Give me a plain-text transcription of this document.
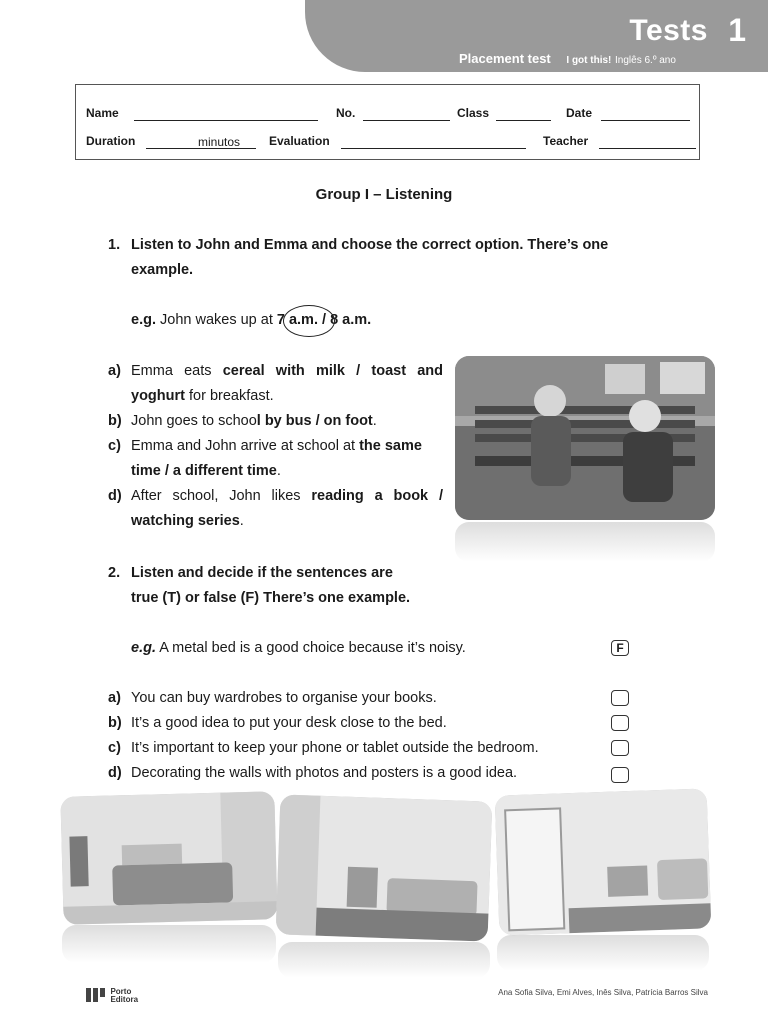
Tests 1
Placement test I got this! Inglês 6.º ano
Name	No.	Class	Date
Duration	minutos Evaluation	Teacher
Group I – Listening
1. Listen to John and Emma and choose the correct option. There’s one example.
e.g. John wakes up at 7 a.m. / 8 a.m.
a) Emma eats cereal with milk / toast and
yoghurt for breakfast.
b) John goes to school by bus / on foot.
c) Emma and John arrive at school at the same
time / a different time.
d) After school, John likes reading a book /
watching series.
2. Listen and decide if the sentences are
true (T) or false (F) There’s one example.
e.g. A metal bed is a good choice because it’s noisy.	F
a) You can buy wardrobes to organise your books.
b) It’s a good idea to put your desk close to the bed.
c) It’s important to keep your phone or tablet outside the bedroom.
d) Decorating the walls with photos and posters is a good idea.
Porto
Editora
Ana Sofia Silva, Emi Alves, Inês Silva, Patrícia Barros Silva
